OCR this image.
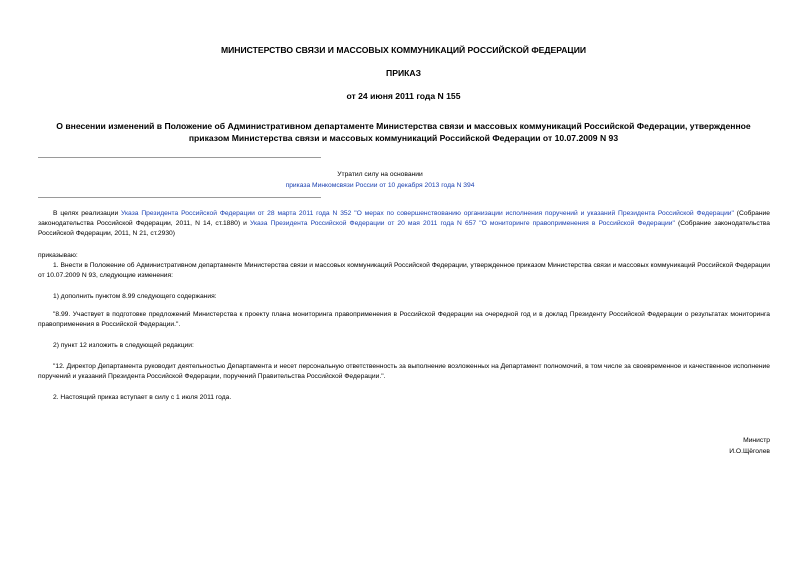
МИНИСТЕРСТВО СВЯЗИ И МАССОВЫХ КОММУНИКАЦИЙ РОССИЙСКОЙ ФЕДЕРАЦИИ
ПРИКАЗ
от 24 июня 2011 года N 155
О внесении изменений в Положение об Административном департаменте Министерства связи и массовых коммуникаций Российской Федерации, утвержденное приказом Министерства связи и массовых коммуникаций Российской Федерации от 10.07.2009 N 93
Утратил силу на основании
приказа Минкомсвязи России от 10 декабря 2013 года N 394
В целях реализации Указа Президента Российской Федерации от 28 марта 2011 года N 352 "О мерах по совершенствованию организации исполнения поручений и указаний Президента Российской Федерации" (Собрание законодательства Российской Федерации, 2011, N 14, ст.1880) и Указа Президента Российской Федерации от 20 мая 2011 года N 657 "О мониторинге правоприменения в Российской Федерации" (Собрание законодательства Российской Федерации, 2011, N 21, ст.2930)
приказываю:
1. Внести в Положение об Административном департаменте Министерства связи и массовых коммуникаций Российской Федерации, утвержденное приказом Министерства связи и массовых коммуникаций Российской Федерации от 10.07.2009 N 93, следующие изменения:
1) дополнить пунктом 8.99 следующего содержания:
"8.99. Участвует в подготовке предложений Министерства к проекту плана мониторинга правоприменения в Российской Федерации на очередной год и в доклад Президенту Российской Федерации о результатах мониторинга правоприменения в Российской Федерации.".
2) пункт 12 изложить в следующей редакции:
"12. Директор Департамента руководит деятельностью Департамента и несет персональную ответственность за выполнение возложенных на Департамент полномочий, в том числе за своевременное и качественное исполнение поручений и указаний Президента Российской Федерации, поручений Правительства Российской Федерации.".
2. Настоящий приказ вступает в силу с 1 июля 2011 года.
Министр
И.О.Щёголев
